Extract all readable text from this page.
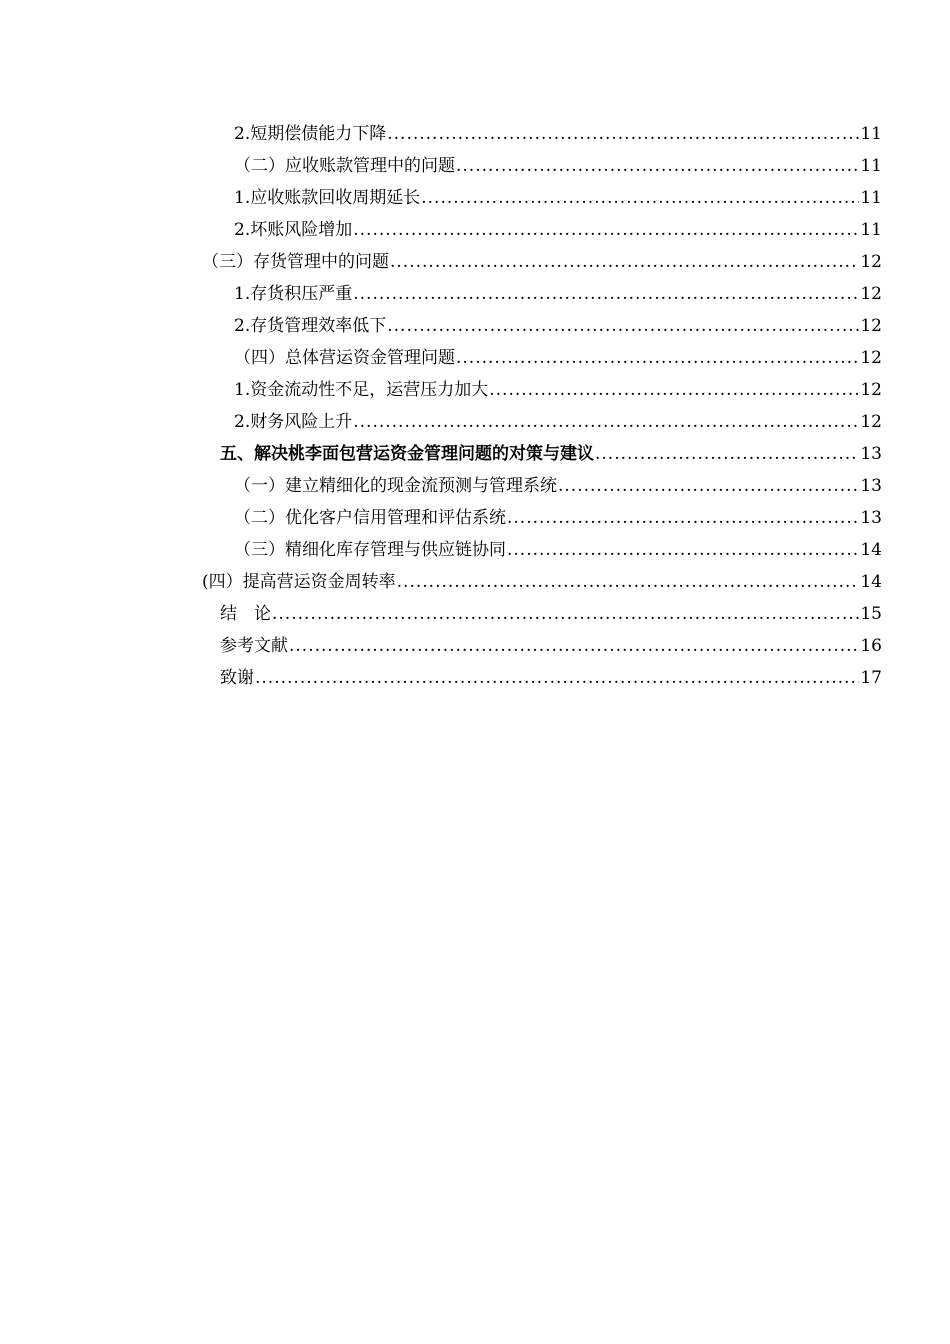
2.短期偿债能力下降 .....	11
（二）应收账款管理中的问题 .....	11
1.应收账款回收周期延长 .....	11
2.坏账风险增加 .....	11
（三）存货管理中的问题 .....	12
1.存货积压严重 .....	12
2.存货管理效率低下 .....	12
（四）总体营运资金管理问题 .....	12
1.资金流动性不足，运营压力加大 .....	12
2.财务风险上升 .....	12
五、解决桃李面包营运资金管理问题的对策与建议 .....	13
（一）建立精细化的现金流预测与管理系统 .....	13
（二）优化客户信用管理和评估系统 .....	13
（三）精细化库存管理与供应链协同 .....	14
(四）提高营运资金周转率 .....	14
结　论 .....	15
参考文献 .....	16
致谢 .....	17
